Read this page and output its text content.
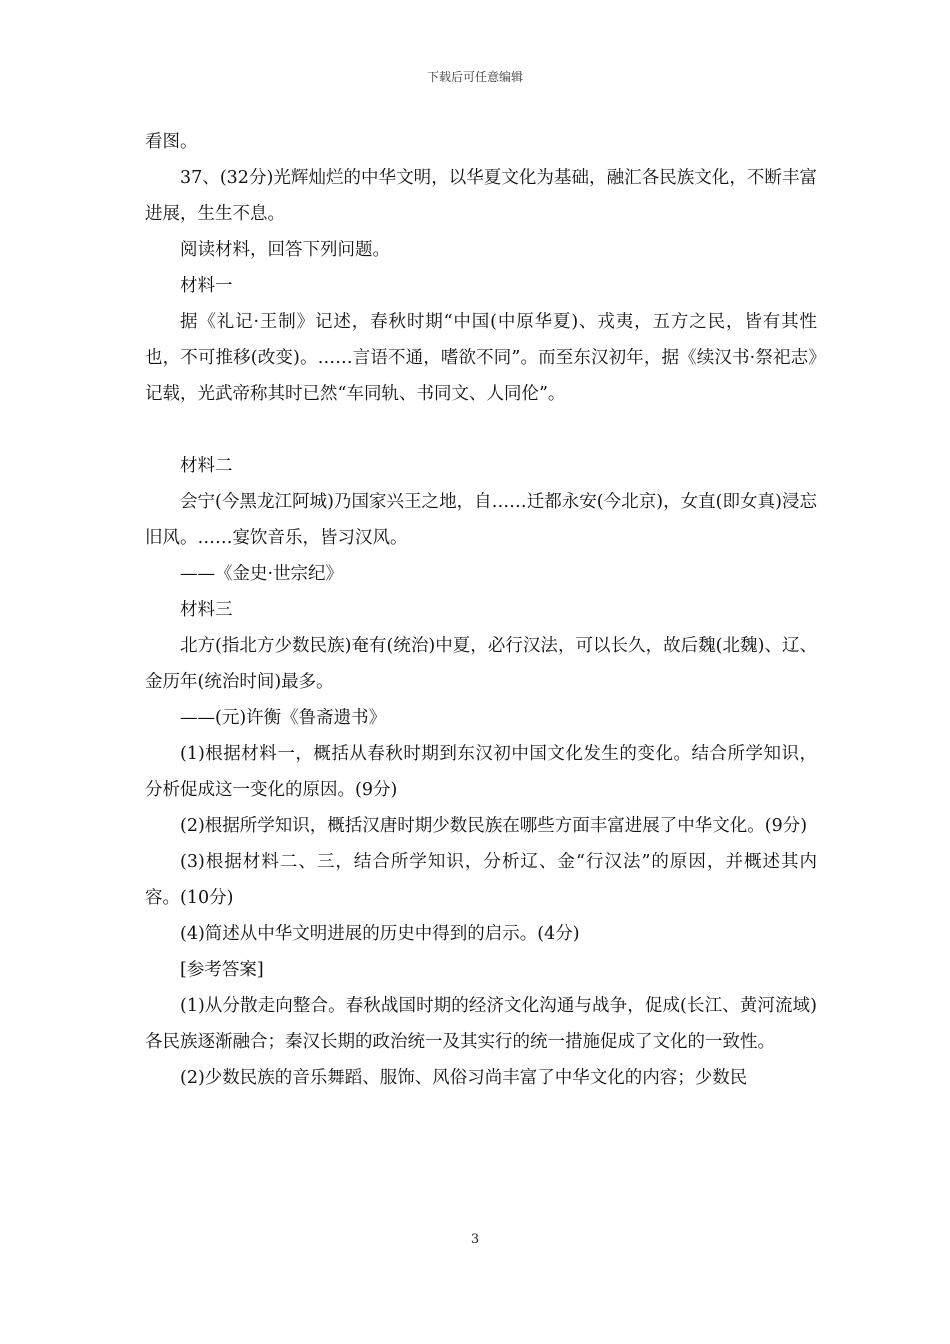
下载后可任意编辑

看图。

37、(32分)光辉灿烂的中华文明，以华夏文化为基础，融汇各民族文化，不断丰富进展，生生不息。

阅读材料，回答下列问题。

材料一

据《礼记·王制》记述，春秋时期“中国(中原华夏)、戎夷，五方之民，皆有其性也，不可推移(改变)。……言语不通，嗜欲不同”。而至东汉初年，据《续汉书·祭祀志》记载，光武帝称其时已然“车同轨、书同文、人同伦”。

材料二

会宁(今黑龙江阿城)乃国家兴王之地，自……迁都永安(今北京)，女直(即女真)浸忘旧风。……宴饮音乐，皆习汉风。

——《金史·世宗纪》

材料三

北方(指北方少数民族)奄有(统治)中夏，必行汉法，可以长久，故后魏(北魏)、辽、金历年(统治时间)最多。

——(元)许衡《鲁斋遗书》

(1)根据材料一，概括从春秋时期到东汉初中国文化发生的变化。结合所学知识，分析促成这一变化的原因。(9分)

(2)根据所学知识，概括汉唐时期少数民族在哪些方面丰富进展了中华文化。(9分)

(3)根据材料二、三，结合所学知识，分析辽、金“行汉法”的原因，并概述其内容。(10分)

(4)简述从中华文明进展的历史中得到的启示。(4分)

[参考答案]

(1)从分散走向整合。春秋战国时期的经济文化沟通与战争，促成(长江、黄河流域)各民族逐渐融合；秦汉长期的政治统一及其实行的统一措施促成了文化的一致性。

(2)少数民族的音乐舞蹈、服饰、风俗习尚丰富了中华文化的内容；少数民

3
